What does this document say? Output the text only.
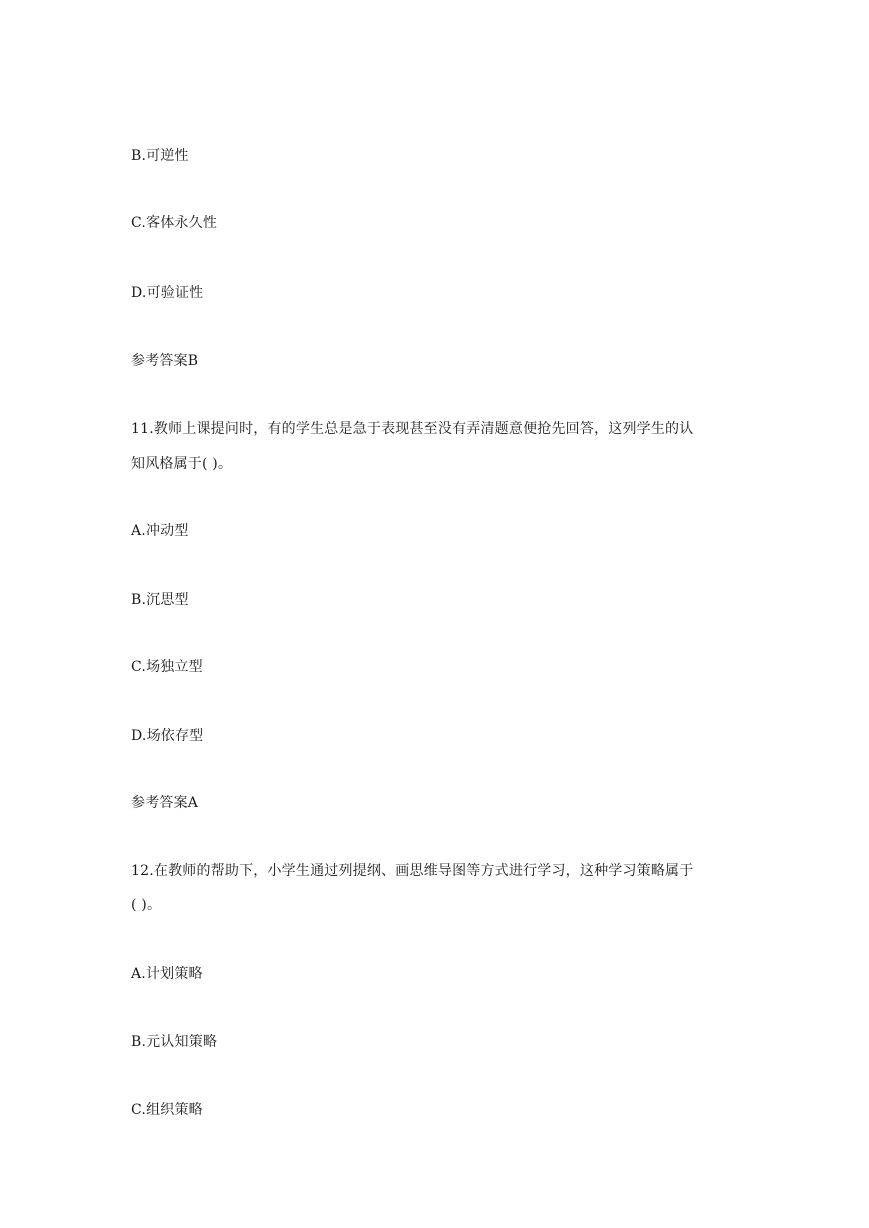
B.可逆性
C.客体永久性
D.可验证性
参考答案B
11.教师上课提问时，有的学生总是急于表现甚至没有弄清题意便抢先回答，这列学生的认
知风格属于( )。
A.冲动型
B.沉思型
C.场独立型
D.场依存型
参考答案A
12.在教师的帮助下，小学生通过列提纲、画思维导图等方式进行学习，这种学习策略属于
( )。
A.计划策略
B.元认知策略
C.组织策略
